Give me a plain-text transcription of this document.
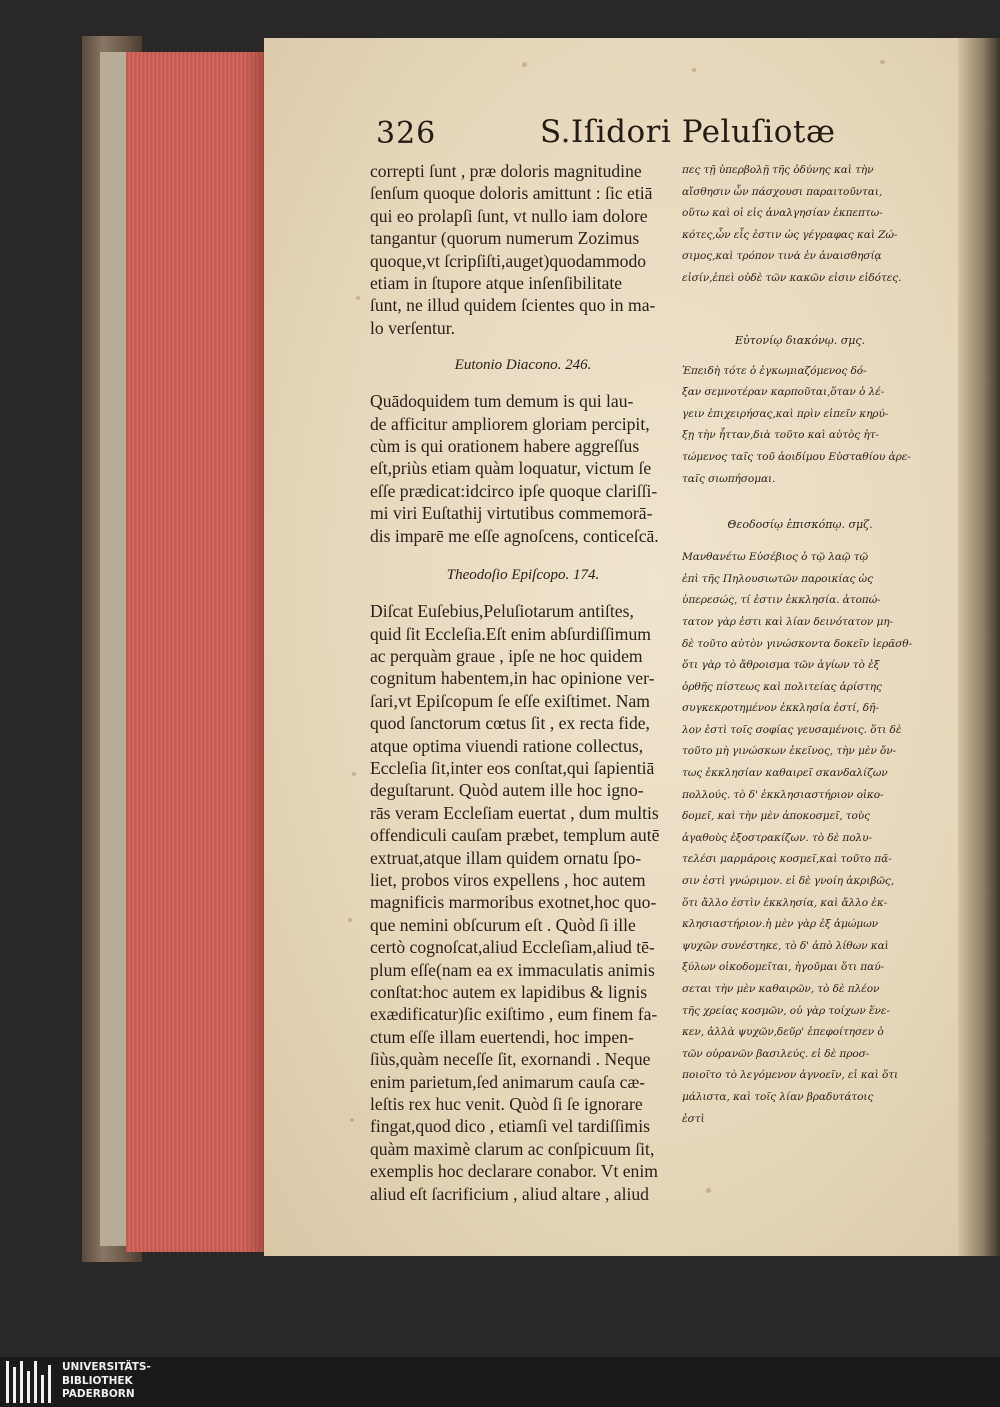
326	S.Iſidori Peluſiotæ
correpti ſunt , præ doloris magnitudine
ſenſum quoque doloris amittunt : ſic etiā
qui eo prolapſi ſunt, vt nullo iam dolore
tangantur (quorum numerum Zozimus
quoque,vt ſcripſiſti,auget)quodammodo
etiam in ſtupore atque inſenſibilitate
ſunt, ne illud quidem ſcientes quo in ma-
lo verſentur.
Eutonio Diacono. 246.
Quādoquidem tum demum is qui lau-
de afficitur ampliorem gloriam percipit,
cùm is qui orationem habere aggreſſus
eſt,priùs etiam quàm loquatur, victum ſe
eſſe prædicat:idcirco ipſe quoque clariſſi-
mi viri Euſtathij virtutibus commemorā-
dis imparē me eſſe agnoſcens, conticeſcā.
Theodoſio Epiſcopo. 174.
Diſcat Euſebius,Peluſiotarum antiſtes,
quid ſit Eccleſia.Eſt enim abſurdiſſimum
ac perquàm graue , ipſe ne hoc quidem
cognitum habentem,in hac opinione ver-
ſari,vt Epiſcopum ſe eſſe exiſtimet. Nam
quod ſanctorum cœtus ſit , ex recta fide,
atque optima viuendi ratione collectus,
Eccleſia ſit,inter eos conſtat,qui ſapientiā
deguſtarunt. Quòd autem ille hoc igno-
rās veram Eccleſiam euertat , dum multis
offendiculi cauſam præbet, templum autē
extruat,atque illam quidem ornatu ſpo-
liet, probos viros expellens , hoc autem
magnificis marmoribus exotnet,hoc quo-
que nemini obſcurum eſt . Quòd ſi ille
certò cognoſcat,aliud Eccleſiam,aliud tē-
plum eſſe(nam ea ex immaculatis animis
conſtat:hoc autem ex lapidibus & lignis
exædificatur)ſic exiſtimo , eum finem fa-
ctum eſſe illam euertendi, hoc impen-
ſiùs,quàm neceſſe ſit, exornandi . Neque
enim parietum,ſed animarum cauſa cæ-
leſtis rex huc venit. Quòd ſi ſe ignorare
fingat,quod dico , etiamſi vel tardiſſimis
quàm maximè clarum ac conſpicuum ſit,
exemplis hoc declarare conabor. Vt enim
aliud eſt ſacrificium , aliud altare , aliud
πες τῇ ὑπερβολῇ τῆς ὀδύνης καὶ τὴν
αἴσθησιν ὧν πάσχουσι παραιτοῦνται,
οὕτω καὶ οἱ εἰς ἀναλγησίαν ἐκπεπτω-
κότες,ὧν εἶς ἐστιν ὡς γέγραφας καὶ Ζώ-
σιμος,καὶ τρόπον τινὰ ἐν ἀναισθησίᾳ
εἰσίν,ἐπεὶ οὐδὲ τῶν κακῶν εἰσιν εἰδότες.
Εὐτονίῳ διακόνῳ. σμς.
Ἐπειδὴ τότε ὁ ἐγκωμιαζόμενος δό-
ξαν σεμνοτέραν καρποῦται,ὅταν ὁ λέ-
γειν ἐπιχειρήσας,καὶ πρὶν εἰπεῖν κηρύ-
ξῃ τὴν ἧτταν,διὰ τοῦτο καὶ αὐτὸς ἡτ-
τώμενος ταῖς τοῦ ἀοιδίμου Εὐσταθίου ἀρε-
ταῖς σιωπήσομαι.
Θεοδοσίῳ ἐπισκόπῳ. σμζ.
Μανθανέτω Εὐσέβιος ὁ τῷ λαῷ τῷ
ἐπὶ τῆς Πηλουσιωτῶν παροικίας ὡς
ὑπερεσώς, τί ἐστιν ἐκκλησία. ἀτοπώ-
τατον γὰρ ἐστι καὶ λίαν δεινότατον μη-
δὲ τοῦτο αὐτὸν γινώσκοντα δοκεῖν ἱερᾶσθ-
ὅτι γὰρ τὸ ἄθροισμα τῶν ἁγίων τὸ ἐξ
ὀρθῆς πίστεως καὶ πολιτείας ἀρίστης
συγκεκροτημένον ἐκκλησία ἐστί, δῆ-
λον ἐστὶ τοῖς σοφίας γευσαμένοις. ὅτι δὲ
τοῦτο μὴ γινώσκων ἐκεῖνος, τὴν μὲν ὄν-
τως ἐκκλησίαν καθαιρεῖ σκανδαλίζων
πολλούς. τὸ δ' ἐκκλησιαστήριον οἰκο-
δομεῖ, καὶ τὴν μὲν ἀποκοσμεῖ, τοὺς
ἀγαθοὺς ἐξοστρακίζων. τὸ δὲ πολυ-
τελέσι μαρμάροις κοσμεῖ,καὶ τοῦτο πᾶ-
σιν ἐστὶ γνώριμον. εἰ δὲ γνοίη ἀκριβῶς,
ὅτι ἄλλο ἐστὶν ἐκκλησία, καὶ ἄλλο ἐκ-
κλησιαστήριον.ἡ μὲν γὰρ ἐξ ἀμώμων
ψυχῶν συνέστηκε, τὸ δ' ἀπὸ λίθων καὶ
ξύλων οἰκοδομεῖται, ἡγοῦμαι ὅτι παύ-
σεται τὴν μὲν καθαιρῶν, τὸ δὲ πλέον
τῆς χρείας κοσμῶν, οὐ γὰρ τοίχων ἕνε-
κεν, ἀλλὰ ψυχῶν,δεῦρ' ἐπεφοίτησεν ὁ
τῶν οὐρανῶν βασιλεύς. εἰ δὲ προσ-
ποιοῖτο τὸ λεγόμενον ἀγνοεῖν, εἰ καὶ ὅτι
μάλιστα, καὶ τοῖς λίαν βραδυτάτοις
ἐστὶ
UNIVERSITÄTS-
BIBLIOTHEK
PADERBORN
